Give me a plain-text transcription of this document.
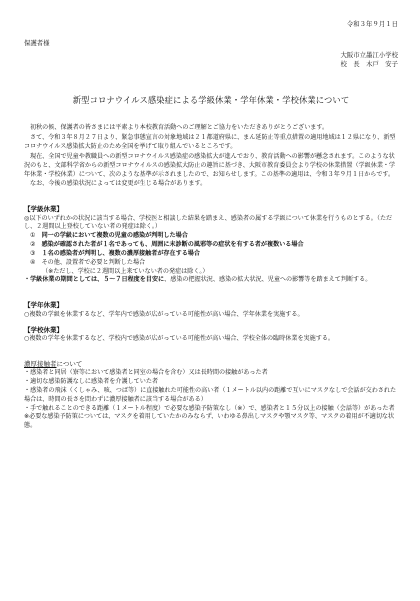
令和３年９月１日
保護者様
大阪市立墨江小学校
校　長　木戸　安子
新型コロナウイルス感染症による学級休業・学年休業・学校休業について

初秋の候、保護者の皆さまには平素より本校教育活動へのご理解とご協力をいただきありがとうございます。

さて、令和３年８月２７日より、緊急事態宣言の対象地域は２１都道府県に、まん延防止等重点措置の適用地域は１２県になり、新型コロナウイルス感染拡大防止のため全国を挙げて取り組んでいるところです。

現在、全国で児童や教職員への新型コロナウイルス感染症の感染拡大が進んでおり、教育活動への影響が懸念されます。このような状況のもと、文部科学省からの新型コロナウイルスの感染拡大防止の趣旨に基づき、大阪市教育委員会より学校の休業措置（学級休業・学年休業・学校休業）について、次のような基準が示されましたので、お知らせします。この基準の適用は、令和３年９月１日からです。

なお、今後の感染状況によっては変更が生じる場合があります。

【学級休業】

◎以下のいずれかの状況に該当する場合、学校医と相談した結果を踏まえ、感染者の属する学級について休業を行うものとする。（ただし、２週間以上登校していない者の発症は除く。）

①　 同一の学級において複数の児童の感染が判明した場合
②　 感染が確認された者が１名であっても、周囲に未診断の風邪等の症状を有する者が複数いる場合
③　 １名の感染者が判明し、複数の濃厚接触者が存在する場合
④　 その他、設置者で必要と判断した場合
（※ただし、学校に２週間以上来ていない者の発症は除く。）

・学級休業の期間としては、５～７日程度を目安に、感染の把握状況、感染の拡大状況、児童への影響等を踏まえて判断する。

【学年休業】

○複数の学級を休業するなど、学年内で感染が広がっている可能性が高い場合、学年休業を実施する。

【学校休業】

○複数の学年を休業するなど、学校内で感染が広がっている可能性が高い場合、学校全体の臨時休業を実施する。

濃厚接触者について

・感染者と同居（寮等において感染者と同室の場合を含む）又は長時間の接触があった者

・適切な感染防護なしに感染者を介護していた者

・感染者の飛沫（くしゃみ、咳、つば等）に直接触れた可能性の高い者（１メートル以内の距離で互いにマスクなしで会話が交わされた場合は、時間の長さを問わずに濃厚接触者に該当する場合がある）

・手で触れることのできる距離（１メートル程度）で必要な感染予防策なし（※）で、感染者と１５分以上の接触（会話等）があった者

※必要な感染予防策については、マスクを着用していたかのみならず、いわゆる鼻出しマスクや顎マスク等、マスクの着用が不適切な状態。
